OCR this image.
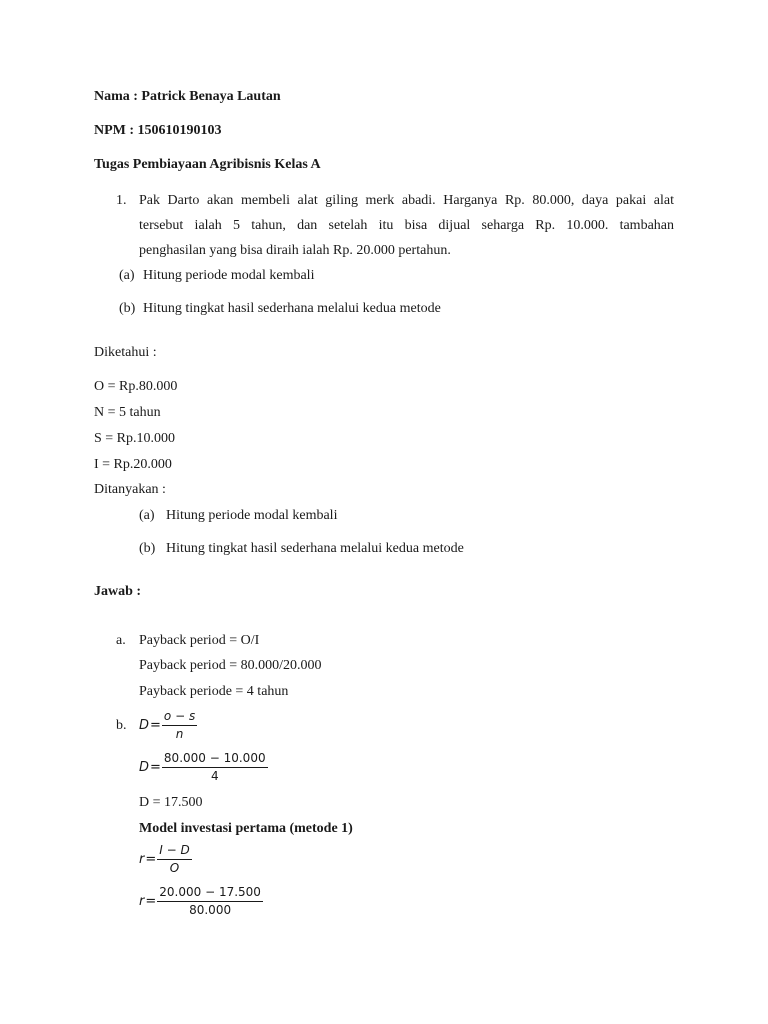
Nama : Patrick Benaya Lautan
NPM : 150610190103
Tugas Pembiayaan Agribisnis Kelas A
1. Pak Darto akan membeli alat giling merk abadi. Harganya Rp. 80.000, daya pakai alat
tersebut ialah 5 tahun, dan setelah itu bisa dijual seharga Rp. 10.000. tambahan
penghasilan yang bisa diraih ialah Rp. 20.000 pertahun.
(a) Hitung periode modal kembali
(b) Hitung tingkat hasil sederhana melalui kedua metode
Diketahui :
O = Rp.80.000
N = 5 tahun
S = Rp.10.000
I = Rp.20.000
Ditanyakan :
(a) Hitung periode modal kembali
(b) Hitung tingkat hasil sederhana melalui kedua metode
Jawab :
a. Payback period = O/I
Payback period = 80.000/20.000
Payback periode = 4 tahun
b. $D = \frac{o - s}{n}$
$D = \frac{80.000 - 10.000}{4}$
D = 17.500
Model investasi pertama (metode 1)
$r = \frac{I - D}{O}$
$r = \frac{20.000 - 17.500}{80.000}$
